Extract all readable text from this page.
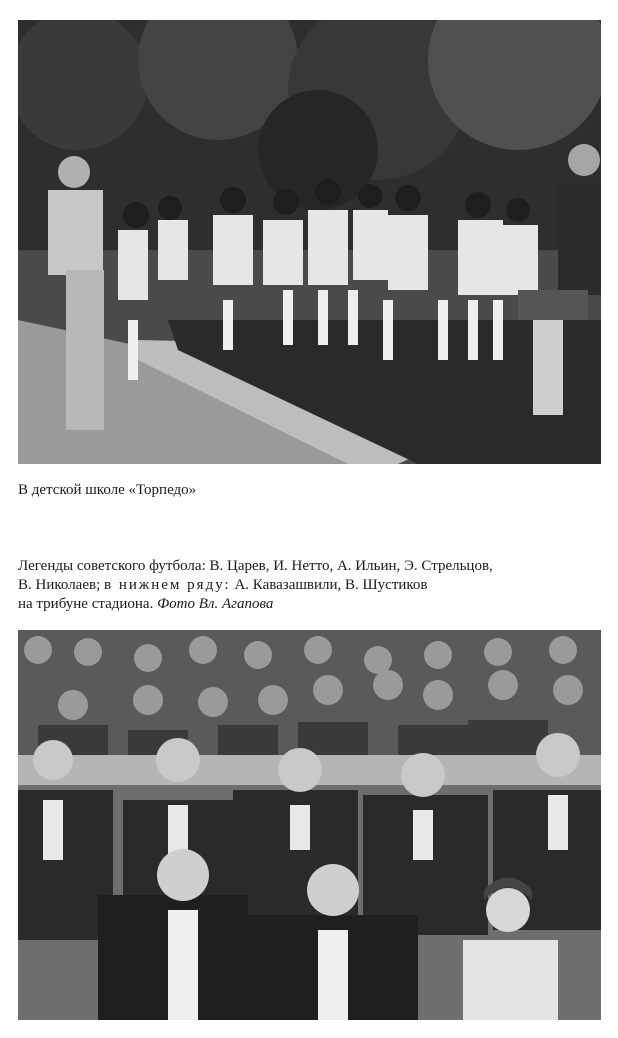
В детской школе «Торпедо»

Легенды советского футбола: В. Царев, И. Нетто, А. Ильин, Э. Стрельцов,
В. Николаев; в нижнем ряду: А. Кавазашвили, В. Шустиков
на трибуне стадиона. Фото Вл. Агапова
